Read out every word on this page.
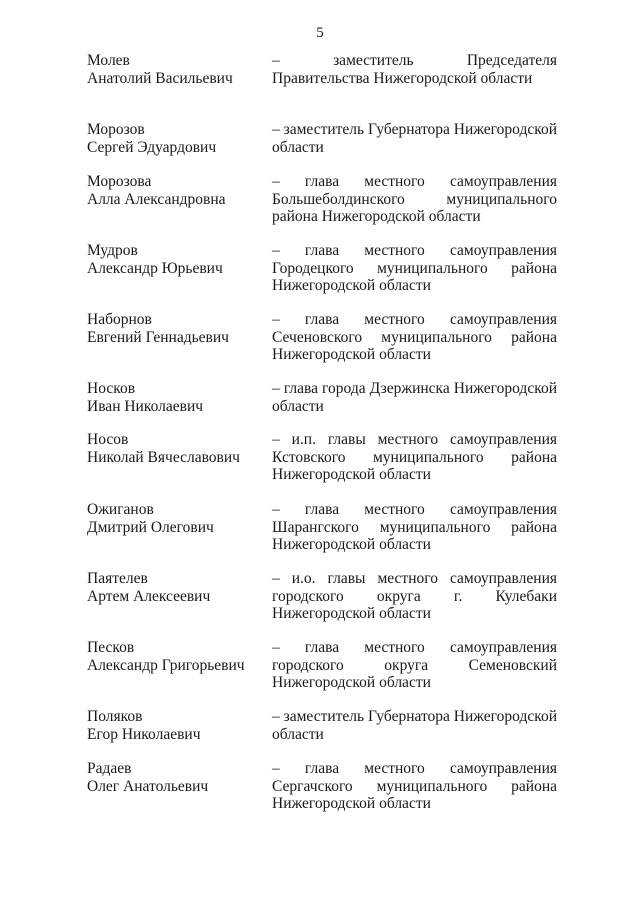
5
Молев
Анатолий Васильевич
– заместитель Председателя Правительства Нижегородской области
Морозов
Сергей Эдуардович
– заместитель Губернатора Нижегородской области
Морозова
Алла Александровна
– глава местного самоуправления Большеболдинского муниципального района Нижегородской области
Мудров
Александр Юрьевич
– глава местного самоуправления Городецкого муниципального района Нижегородской области
Наборнов
Евгений Геннадьевич
– глава местного самоуправления Сеченовского муниципального района Нижегородской области
Носков
Иван Николаевич
– глава города Дзержинска Нижегородской области
Носов
Николай Вячеславович
– и.п. главы местного самоуправления Кстовского муниципального района Нижегородской области
Ожиганов
Дмитрий Олегович
– глава местного самоуправления Шарангского муниципального района Нижегородской области
Паятелев
Артем Алексеевич
– и.о. главы местного самоуправления городского округа г. Кулебаки Нижегородской области
Песков
Александр Григорьевич
– глава местного самоуправления городского округа Семеновский Нижегородской области
Поляков
Егор Николаевич
– заместитель Губернатора Нижегородской области
Радаев
Олег Анатольевич
– глава местного самоуправления Сергачского муниципального района Нижегородской области
